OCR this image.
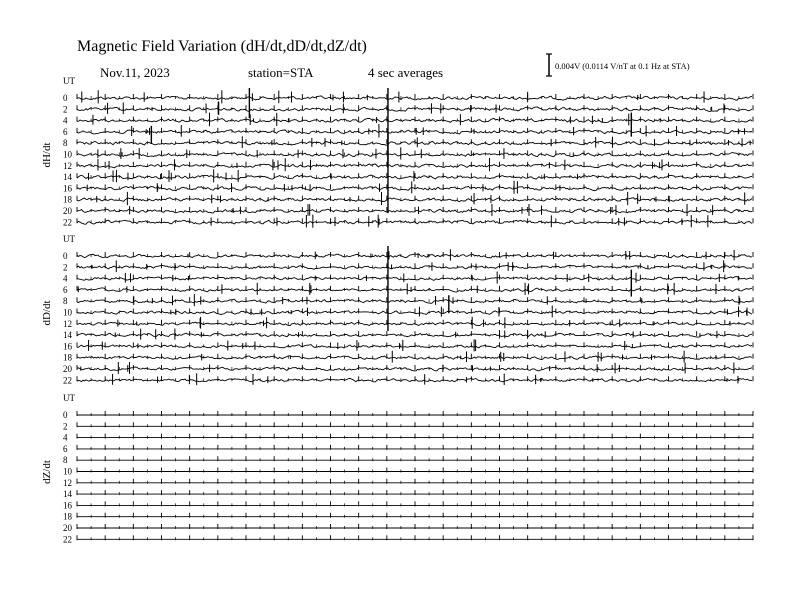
Magnetic Field Variation (dH/dt,dD/dt,dZ/dt)
Nov.11, 2023	station=STA	4 sec averages	0.004V (0.0114 V/nT at 0.1 Hz at STA)
UT
dH/dt
0
2
4
6
8
10
12
14
16
18
20
22
UT
dD/dt
0
2
4
6
8
10
12
14
16
18
20
22
UT
dZ/dt
0
2
4
6
8
10
12
14
16
18
20
22
